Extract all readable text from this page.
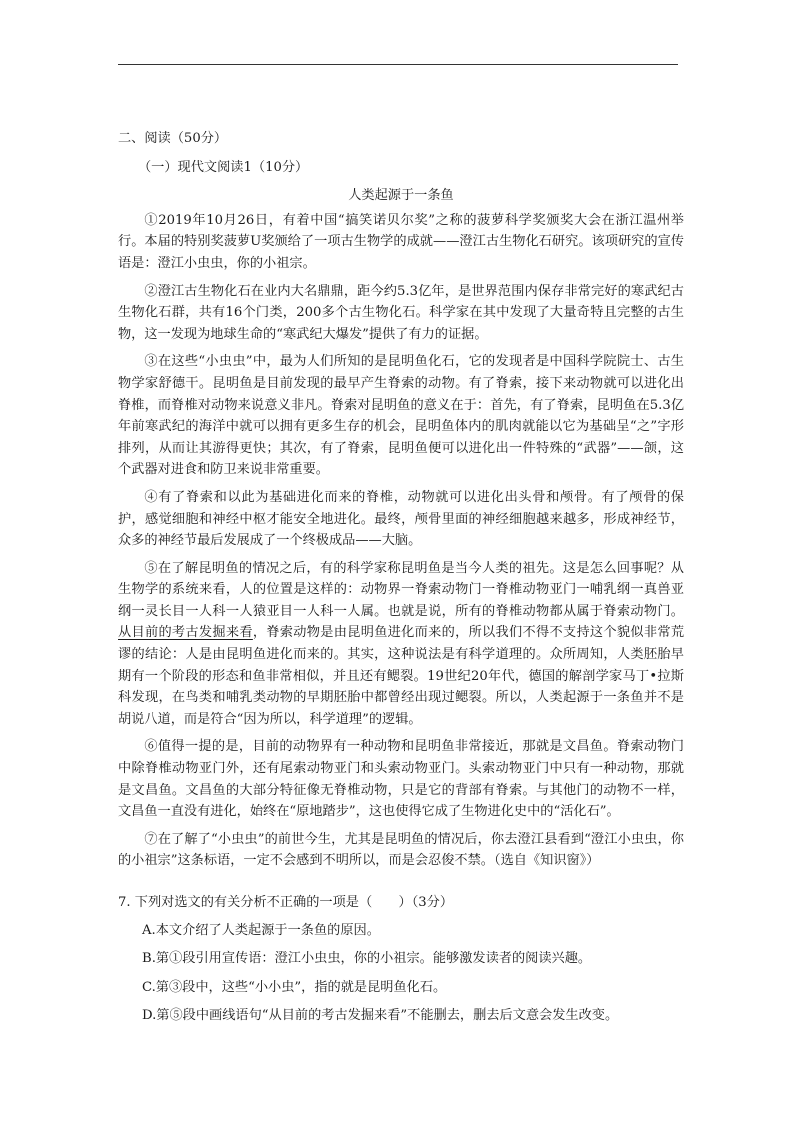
二、阅读（50分）
（一）现代文阅读1（10分）
人类起源于一条鱼

①2019年10月26日，有着中国“搞笑诺贝尔奖”之称的菠萝科学奖颁奖大会在浙江温州举行。本届的特别奖菠萝U奖颁给了一项古生物学的成就——澄江古生物化石研究。该项研究的宣传语是：澄江小虫虫，你的小祖宗。

②澄江古生物化石在业内大名鼎鼎，距今约5.3亿年，是世界范围内保存非常完好的寒武纪古生物化石群，共有16个门类，200多个古生物化石。科学家在其中发现了大量奇特且完整的古生物，这一发现为地球生命的“寒武纪大爆发”提供了有力的证据。

③在这些“小虫虫”中，最为人们所知的是昆明鱼化石，它的发现者是中国科学院院士、古生物学家舒德干。昆明鱼是目前发现的最早产生脊索的动物。有了脊索，接下来动物就可以进化出脊椎，而脊椎对动物来说意义非凡。脊索对昆明鱼的意义在于：首先，有了脊索，昆明鱼在5.3亿年前寒武纪的海洋中就可以拥有更多生存的机会，昆明鱼体内的肌肉就能以它为基础呈“之”字形排列，从而让其游得更快；其次，有了脊索，昆明鱼便可以进化出一件特殊的“武器”——颌，这个武器对进食和防卫来说非常重要。

④有了脊索和以此为基础进化而来的脊椎，动物就可以进化出头骨和颅骨。有了颅骨的保护，感觉细胞和神经中枢才能安全地进化。最终，颅骨里面的神经细胞越来越多，形成神经节，众多的神经节最后发展成了一个终极成品——大脑。

⑤在了解昆明鱼的情况之后，有的科学家称昆明鱼是当今人类的祖先。这是怎么回事呢？从生物学的系统来看，人的位置是这样的：动物界一脊索动物门一脊椎动物亚门一哺乳纲一真兽亚纲一灵长目一人科一人猿亚目一人科一人属。也就是说，所有的脊椎动物都从属于脊索动物门。从目前的考古发掘来看，脊索动物是由昆明鱼进化而来的，所以我们不得不支持这个貌似非常荒谬的结论：人是由昆明鱼进化而来的。其实，这种说法是有科学道理的。众所周知，人类胚胎早期有一个阶段的形态和鱼非常相似，并且还有鳃裂。19世纪20年代，德国的解剖学家马丁•拉斯科发现，在鸟类和哺乳类动物的早期胚胎中都曾经出现过鳃裂。所以，人类起源于一条鱼并不是胡说八道，而是符合“因为所以，科学道理”的逻辑。

⑥值得一提的是，目前的动物界有一种动物和昆明鱼非常接近，那就是文昌鱼。脊索动物门中除脊椎动物亚门外，还有尾索动物亚门和头索动物亚门。头索动物亚门中只有一种动物，那就是文昌鱼。文昌鱼的大部分特征像无脊椎动物，只是它的背部有脊索。与其他门的动物不一样，文昌鱼一直没有进化，始终在“原地踏步”，这也使得它成了生物进化史中的“活化石”。

⑦在了解了“小虫虫”的前世今生，尤其是昆明鱼的情况后，你去澄江县看到“澄江小虫虫，你的小祖宗”这条标语，一定不会感到不明所以，而是会忍俊不禁。（选自《知识窗》）

7. 下列对选文的有关分析不正确的一项是（　　）（3分）
A.本文介绍了人类起源于一条鱼的原因。
B.第①段引用宣传语：澄江小虫虫，你的小祖宗。能够激发读者的阅读兴趣。
C.第③段中，这些“小小虫”，指的就是昆明鱼化石。
D.第⑤段中画线语句“从目前的考古发掘来看”不能删去，删去后文意会发生改变。
